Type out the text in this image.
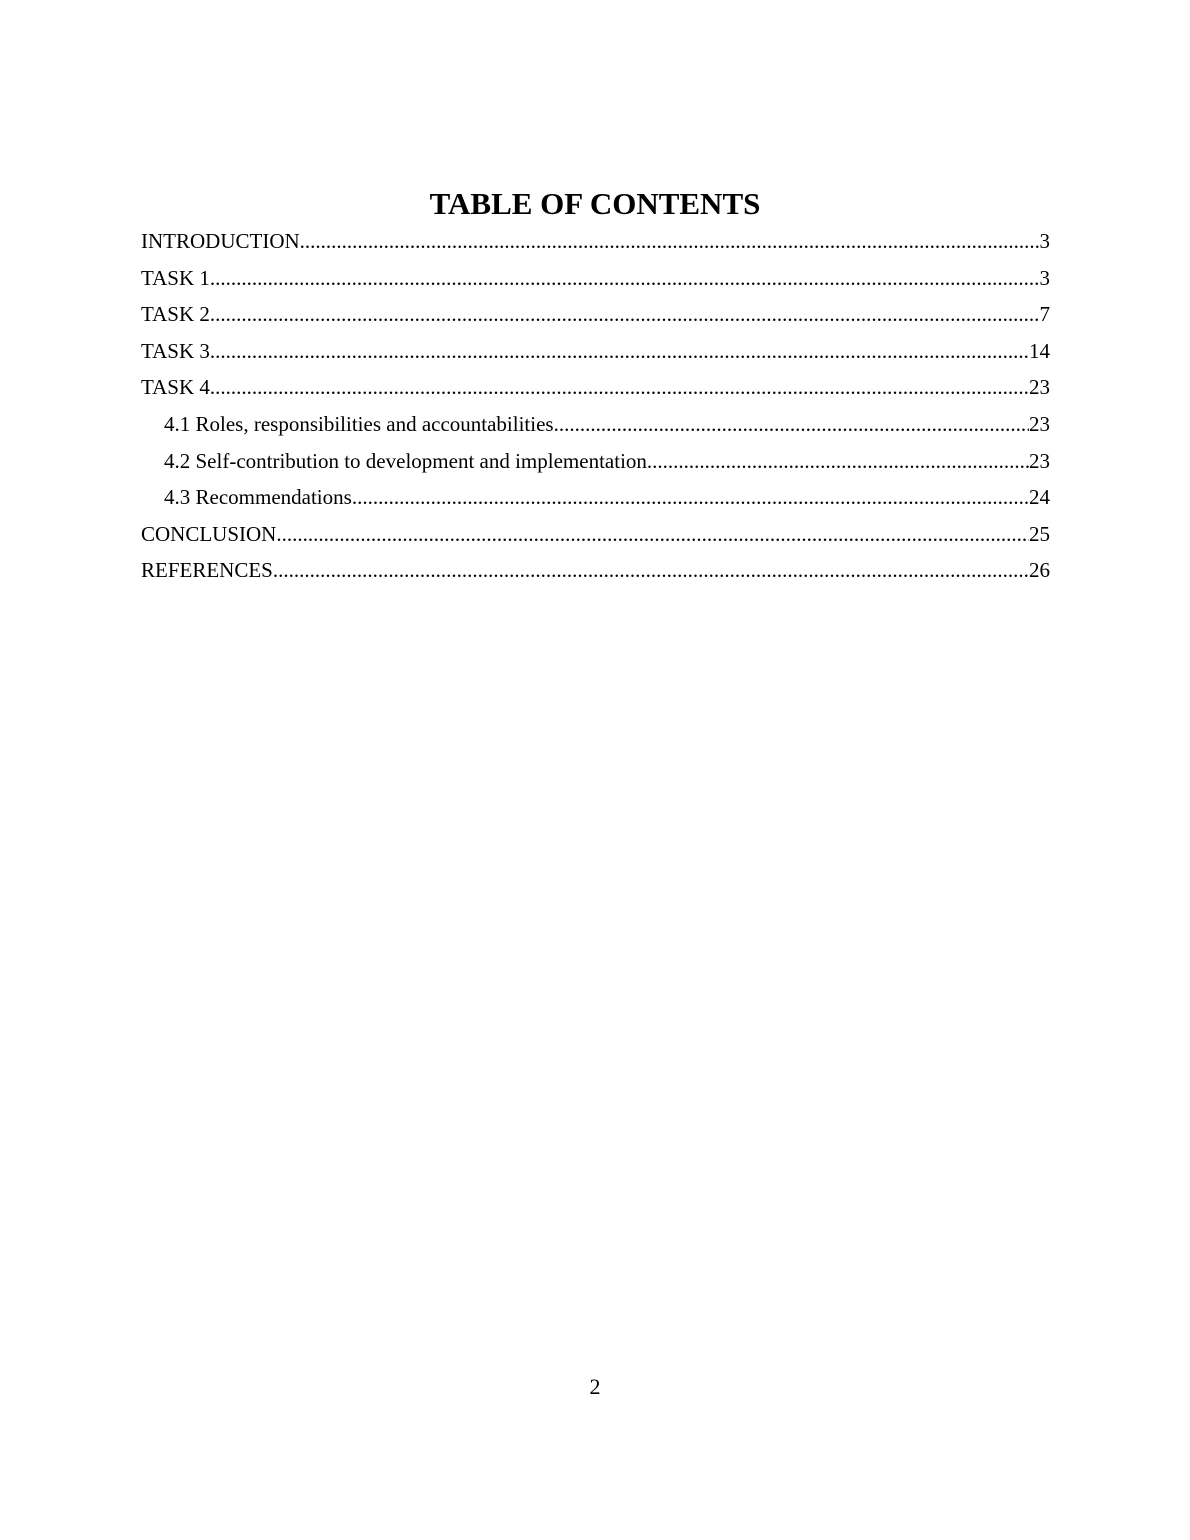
TABLE OF CONTENTS
INTRODUCTION .....	3
TASK 1 .....	3
TASK 2 .....	7
TASK 3 .....	14
TASK 4 .....	23
4.1 Roles, responsibilities and accountabilities .....	23
4.2 Self-contribution to development and implementation .....	23
4.3 Recommendations .....	24
CONCLUSION .....	25
REFERENCES .....	26
2
